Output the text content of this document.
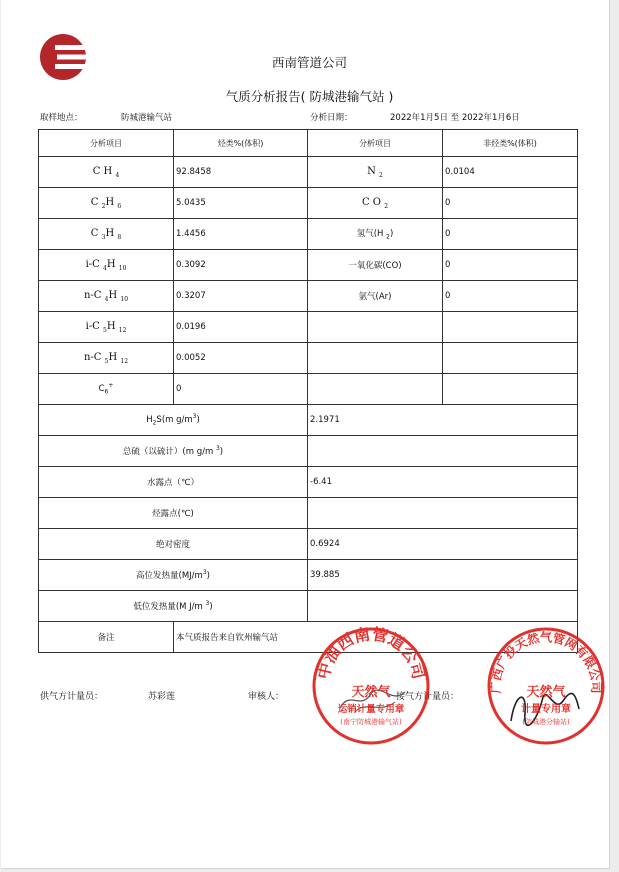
西南管道公司
气质分析报告( 防城港输气站 )
取样地点：	防城港输气站	分析日期：	2022年1月5日 至 2022年1月6日
分析项目	烃类%(体积)	分析项目	非烃类%(体积)
C H $_4$	92.8458	N $_2$	0.0104
C $_2$H $_6$	5.0435	C O $_2$	0
C $_3$H $_8$	1.4456	氢气(H $_2$)	0
i-C $_4$H $_{10}$	0.3092	一氧化碳(CO)	0
n-C $_4$H $_{10}$	0.3207	氩气(Ar)	0
i-C $_5$H $_{12}$	0.0196		
n-C $_5$H $_{12}$	0.0052		
$C_6^+$	0		
$H_2S(m$ $g/m^3$)		2.1971	
总硫（以硫计）(m g/m $^3$)			
水露点（℃）		-6.41	
烃露点(℃)			
绝对密度		0.6924	
高位发热量$(MJ/m^3)$		39.885	
低位发热量(M J/m $^3$)			
备注	本气质报告来自钦州输气站		
供气方计量员：	苏彩莲	审核人：	接气方计量员：
中油西南管道公司
天然气
运销计量专用章
(南宁防城港输气站)
广西广投天然气管网有限公司
天然气
计量专用章
(防城港分输站)
